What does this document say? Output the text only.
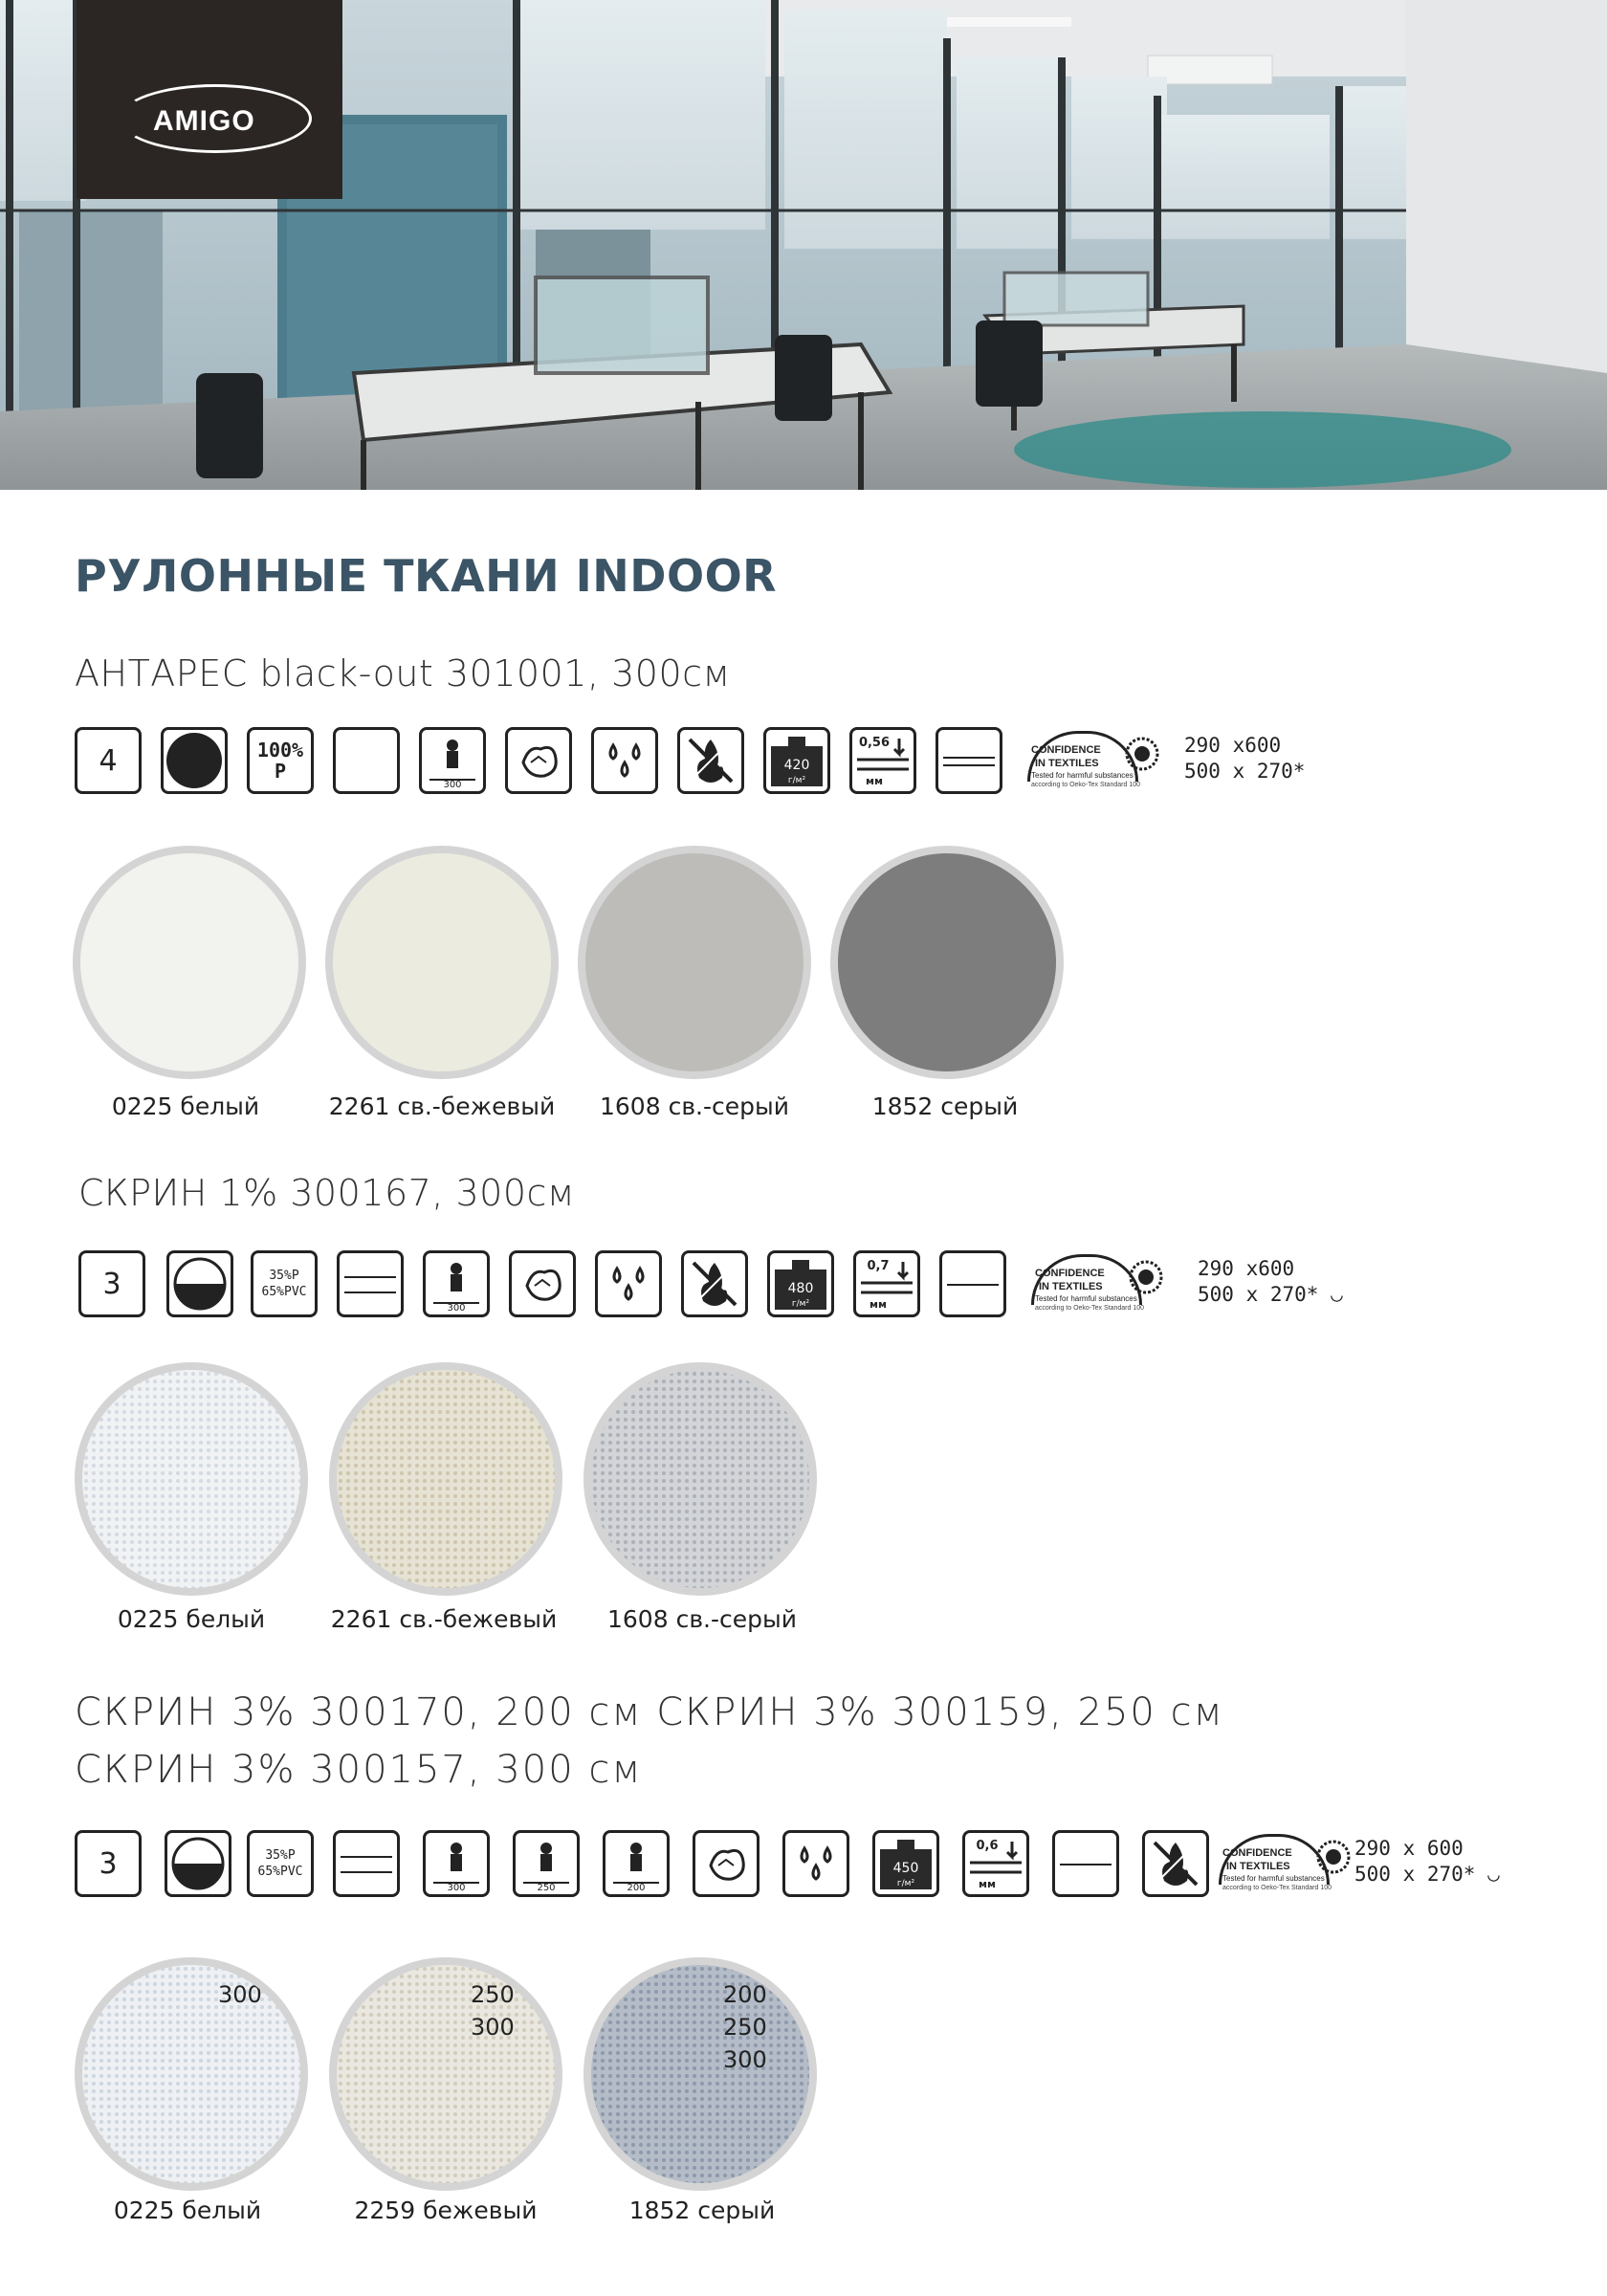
AMIGO
РУЛОННЫЕ ТКАНИ INDOOR
АНТАРЕС black-out 301001, 300см
4	100% P
300
420
г/м²
0,56
мм
CONFIDENCE
IN TEXTILES
Tested for harmful substances
according to Oeko-Tex Standard 100
290 x600
500 x 270*
0225 белый	2261 св.-бежевый	1608 св.-серый	1852 серый
СКРИН 1% 300167, 300см
3	35%P
65%PVC
300
480
г/м²
0,7
мм
CONFIDENCE
IN TEXTILES
Tested for harmful substances
according to Oeko-Tex Standard 100
290 x600
500 x 270* ◡
0225 белый	2261 св.-бежевый	1608 св.-серый
СКРИН 3% 300170, 200 см СКРИН 3% 300159, 250 см
СКРИН 3% 300157, 300 см
3	35%P
65%PVC
300	250	200
450
г/м²
0,6
мм
CONFIDENCE
IN TEXTILES
Tested for harmful substances
according to Oeko-Tex Standard 100
290 x 600
500 x 270* ◡
300	250
300
200
250
300
0225 белый	2259 бежевый	1852 серый
